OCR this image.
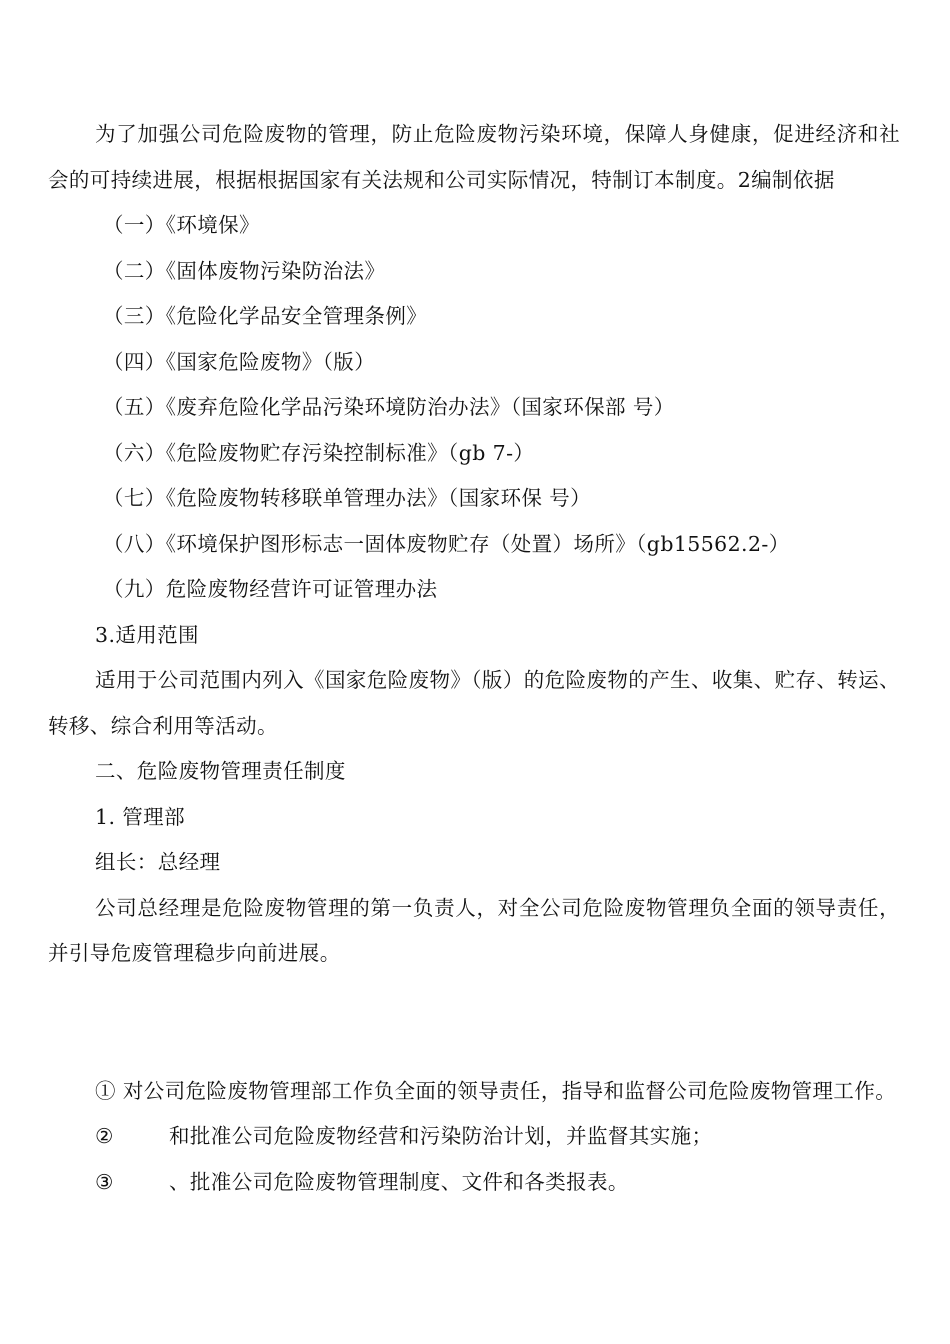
为了加强公司危险废物的管理，防止危险废物污染环境，保障人身健康，促进经济和社会的可持续进展，根据根据国家有关法规和公司实际情况，特制订本制度。2编制依据

（一）《环境保》

（二）《固体废物污染防治法》

（三）《危险化学品安全管理条例》

（四）《国家危险废物》（版）

（五）《废弃危险化学品污染环境防治办法》（国家环保部 号）

（六）《危险废物贮存污染控制标准》（gb 7-）

（七）《危险废物转移联单管理办法》（国家环保 号）

（八）《环境保护图形标志一固体废物贮存（处置）场所》（gb15562.2-）

（九）危险废物经营许可证管理办法

3.适用范围

适用于公司范围内列入《国家危险废物》（版）的危险废物的产生、收集、贮存、转运、转移、综合利用等活动。

二、危险废物管理责任制度

1. 管理部

组长：总经理

公司总经理是危险废物管理的第一负责人，对全公司危险废物管理负全面的领导责任，并引导危废管理稳步向前进展。

① 对公司危险废物管理部工作负全面的领导责任，指导和监督公司危险废物管理工作。

②	和批准公司危险废物经营和污染防治计划，并监督其实施；

③	、批准公司危险废物管理制度、文件和各类报表。
